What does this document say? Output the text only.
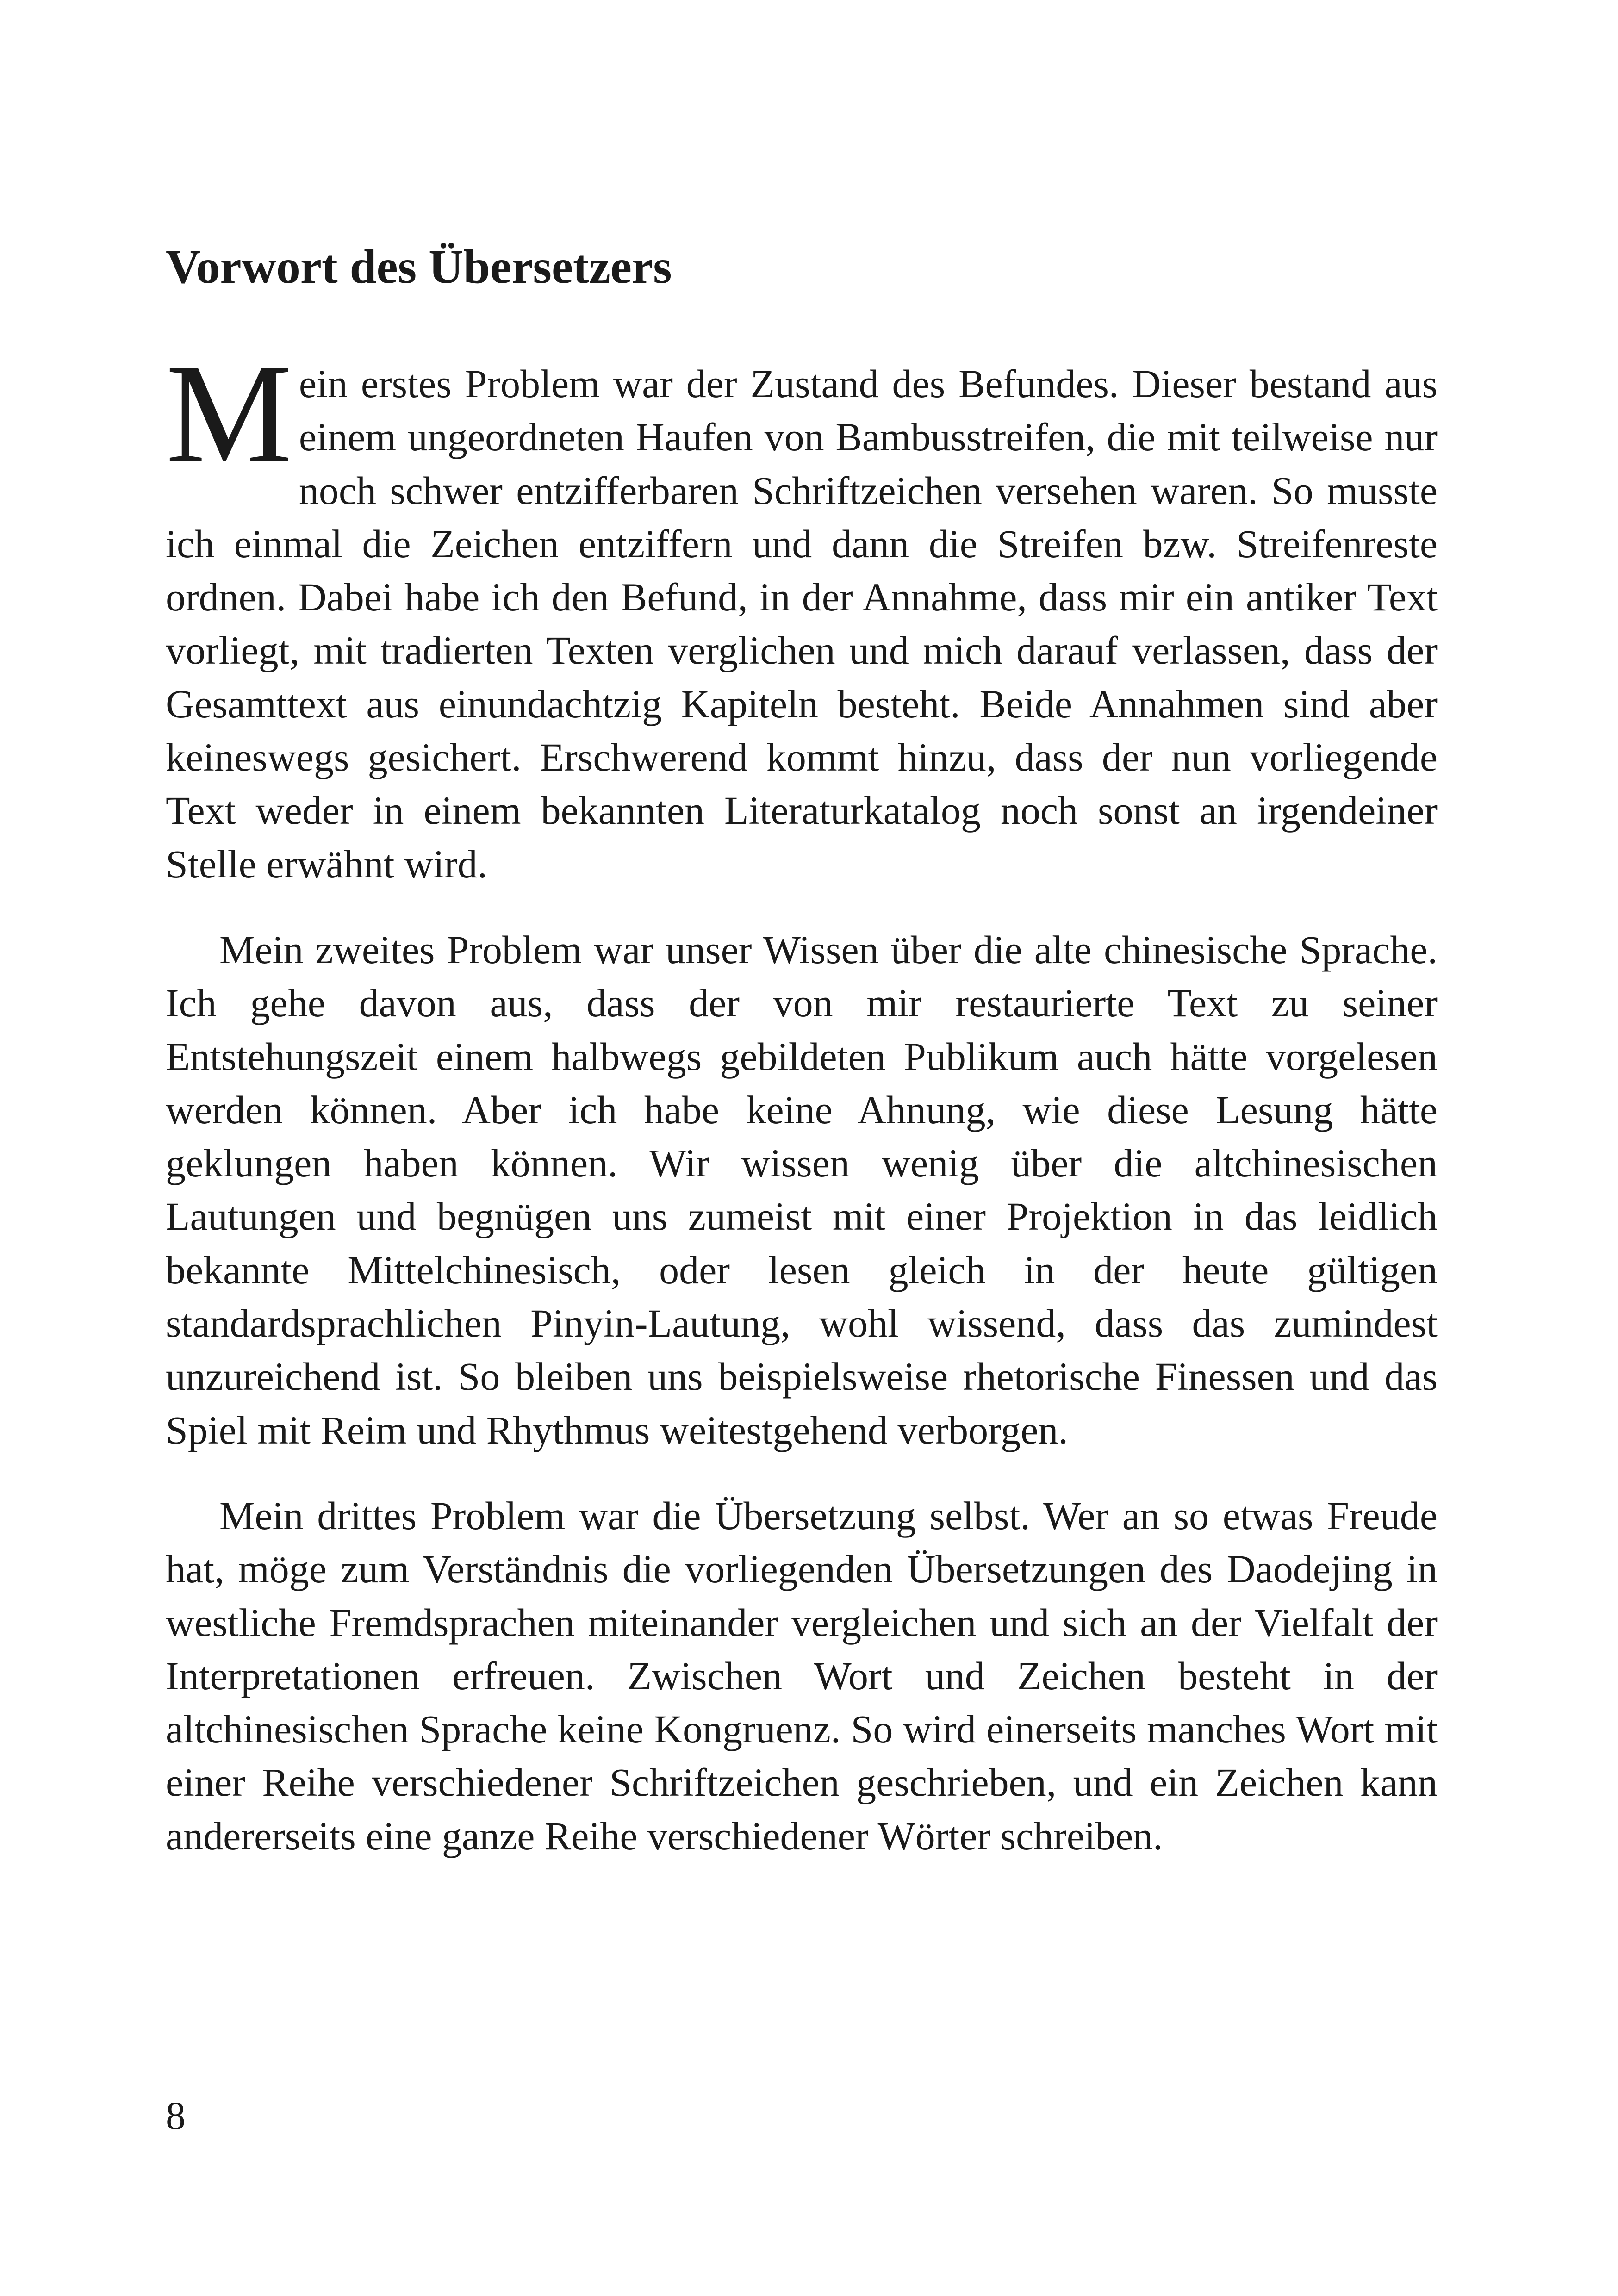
Vorwort des Übersetzers

M ein erstes Problem war der Zustand des Befundes. Dieser bestand aus einem ungeordneten Haufen von Bambusstreifen, die mit teilweise nur noch schwer entzifferbaren Schriftzeichen versehen waren. So musste ich einmal die Zeichen entziffern und dann die Streifen bzw. Streifenreste ordnen. Dabei habe ich den Befund, in der Annahme, dass mir ein antiker Text vorliegt, mit tradierten Texten verglichen und mich darauf verlassen, dass der Gesamttext aus einundachtzig Kapiteln besteht. Beide Annahmen sind aber keineswegs gesichert. Erschwerend kommt hinzu, dass der nun vorliegende Text weder in einem bekannten Literaturkatalog noch sonst an irgendeiner Stelle erwähnt wird.

Mein zweites Problem war unser Wissen über die alte chinesische Sprache. Ich gehe davon aus, dass der von mir restaurierte Text zu seiner Entstehungszeit einem halbwegs gebildeten Publikum auch hätte vorgelesen werden können. Aber ich habe keine Ahnung, wie diese Lesung hätte geklungen haben können. Wir wissen wenig über die altchinesischen Lautungen und begnügen uns zumeist mit einer Projektion in das leidlich bekannte Mittelchinesisch, oder lesen gleich in der heute gültigen standardsprachlichen Pinyin-Lautung, wohl wissend, dass das zumindest unzureichend ist. So bleiben uns beispielsweise rhetorische Finessen und das Spiel mit Reim und Rhythmus weitestgehend verborgen.

Mein drittes Problem war die Übersetzung selbst. Wer an so etwas Freude hat, möge zum Verständnis die vorliegenden Übersetzungen des Daodejing in westliche Fremdsprachen miteinander vergleichen und sich an der Vielfalt der Interpretationen erfreuen. Zwischen Wort und Zeichen besteht in der altchinesischen Sprache keine Kongruenz. So wird einerseits manches Wort mit einer Reihe verschiedener Schriftzeichen geschrieben, und ein Zeichen kann andererseits eine ganze Reihe verschiedener Wörter schreiben.

8
